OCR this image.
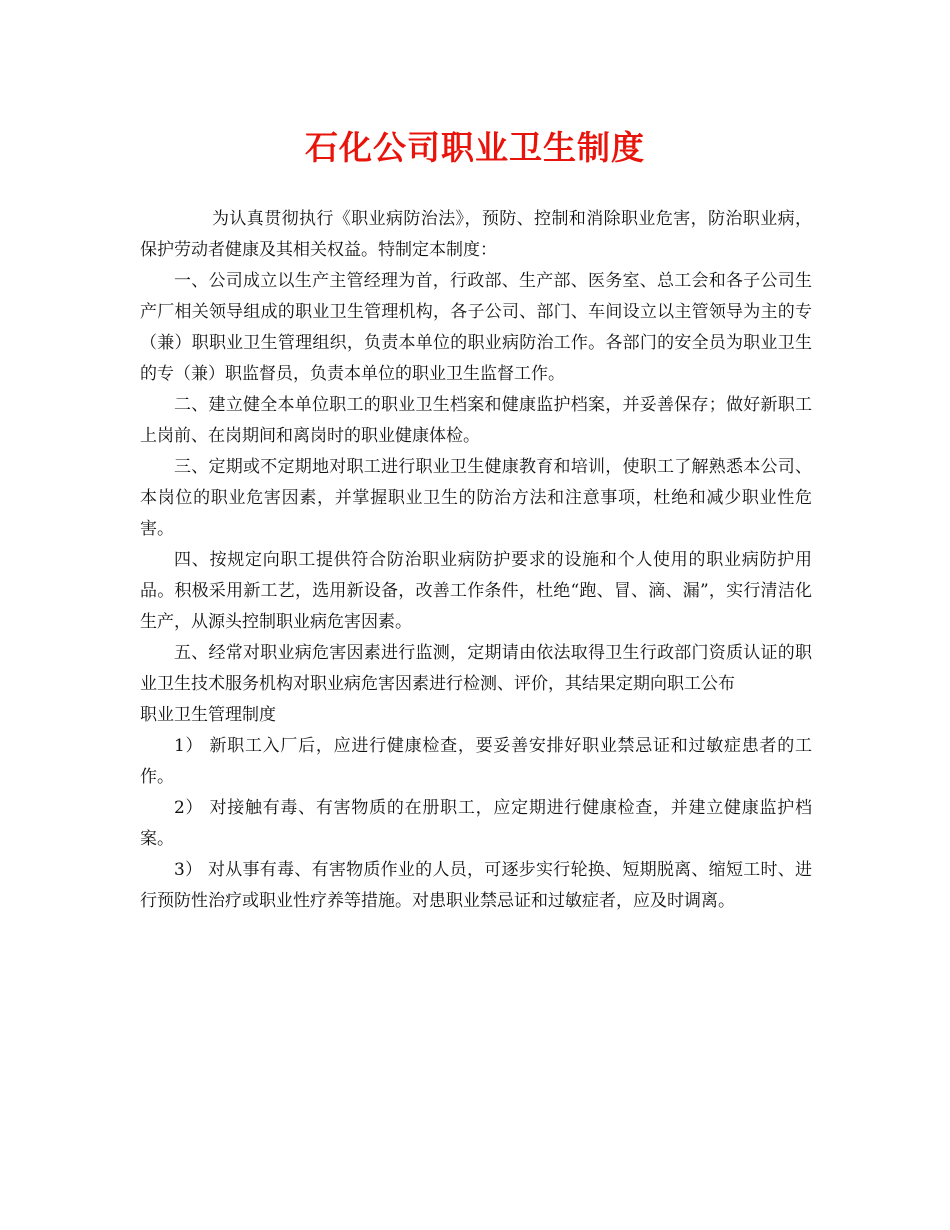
石化公司职业卫生制度

为认真贯彻执行《职业病防治法》，预防、控制和消除职业危害，防治职业病，保护劳动者健康及其相关权益。特制定本制度：

一、公司成立以生产主管经理为首，行政部、生产部、医务室、总工会和各子公司生产厂相关领导组成的职业卫生管理机构，各子公司、部门、车间设立以主管领导为主的专（兼）职职业卫生管理组织，负责本单位的职业病防治工作。各部门的安全员为职业卫生的专（兼）职监督员，负责本单位的职业卫生监督工作。

二、建立健全本单位职工的职业卫生档案和健康监护档案，并妥善保存；做好新职工上岗前、在岗期间和离岗时的职业健康体检。

三、定期或不定期地对职工进行职业卫生健康教育和培训，使职工了解熟悉本公司、本岗位的职业危害因素，并掌握职业卫生的防治方法和注意事项，杜绝和减少职业性危害。

四、按规定向职工提供符合防治职业病防护要求的设施和个人使用的职业病防护用品。积极采用新工艺，选用新设备，改善工作条件，杜绝“跑、冒、滴、漏”，实行清洁化生产，从源头控制职业病危害因素。

五、经常对职业病危害因素进行监测，定期请由依法取得卫生行政部门资质认证的职业卫生技术服务机构对职业病危害因素进行检测、评价，其结果定期向职工公布

职业卫生管理制度

1） 新职工入厂后，应进行健康检查，要妥善安排好职业禁忌证和过敏症患者的工作。

2） 对接触有毒、有害物质的在册职工，应定期进行健康检查，并建立健康监护档案。

3） 对从事有毒、有害物质作业的人员，可逐步实行轮换、短期脱离、缩短工时、进行预防性治疗或职业性疗养等措施。对患职业禁忌证和过敏症者，应及时调离。
